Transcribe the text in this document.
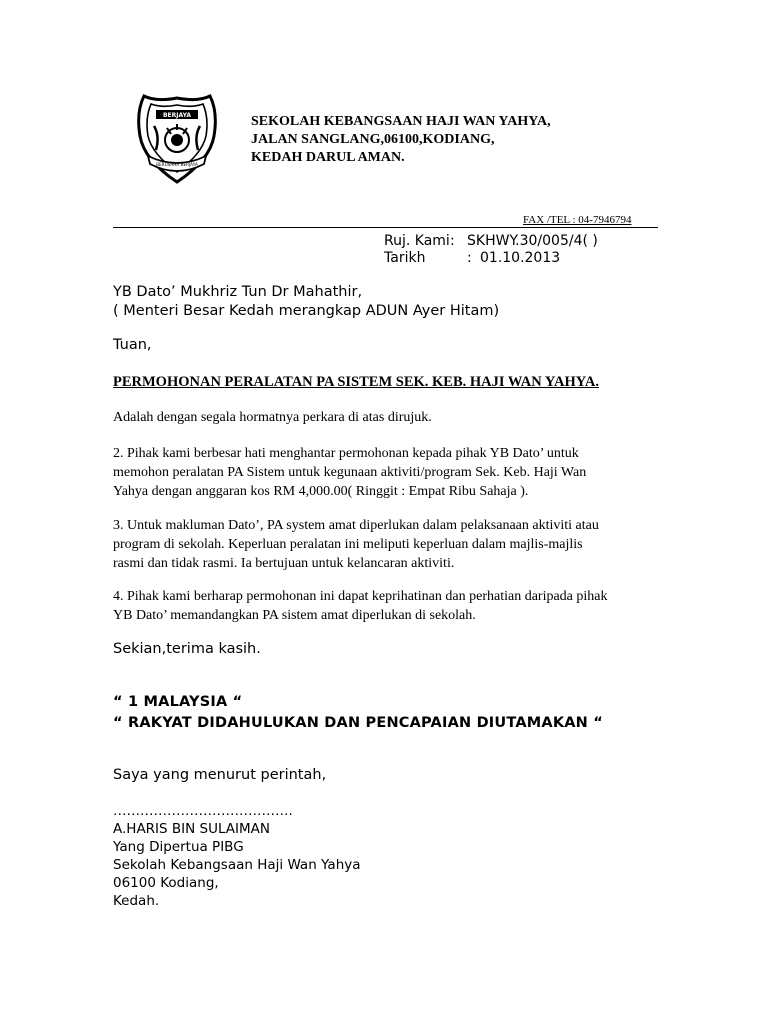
BERJAYA
BERUSAHA BERJAYA
SEKOLAH KEBANGSAAN HAJI WAN YAHYA,
JALAN SANGLANG,06100,KODIANG,
KEDAH DARUL AMAN.
FAX /TEL : 04-7946794
Ruj. Kami: SKHWY.30/005/4( )
Tarikh	: 01.10.2013
YB Dato’ Mukhriz Tun Dr Mahathir,
( Menteri Besar Kedah merangkap ADUN Ayer Hitam)
Tuan,
PERMOHONAN PERALATAN PA SISTEM SEK. KEB. HAJI WAN YAHYA.
Adalah dengan segala hormatnya perkara di atas dirujuk.
2. Pihak kami berbesar hati menghantar permohonan kepada pihak YB Dato’ untuk
memohon peralatan PA Sistem untuk kegunaan aktiviti/program Sek. Keb. Haji Wan
Yahya dengan anggaran kos RM 4,000.00( Ringgit : Empat Ribu Sahaja ).
3. Untuk makluman Dato’, PA system amat diperlukan dalam pelaksanaan aktiviti atau
program di sekolah. Keperluan peralatan ini meliputi keperluan dalam majlis-majlis
rasmi dan tidak rasmi. Ia bertujuan untuk kelancaran aktiviti.
4. Pihak kami berharap permohonan ini dapat keprihatinan dan perhatian daripada pihak
YB Dato’ memandangkan PA sistem amat diperlukan di sekolah.
Sekian,terima kasih.
“ 1 MALAYSIA “
“ RAKYAT DIDAHULUKAN DAN PENCAPAIAN DIUTAMAKAN “
Saya yang menurut perintah,
………………………………….
A.HARIS BIN SULAIMAN
Yang Dipertua PIBG
Sekolah Kebangsaan Haji Wan Yahya
06100 Kodiang,
Kedah.
